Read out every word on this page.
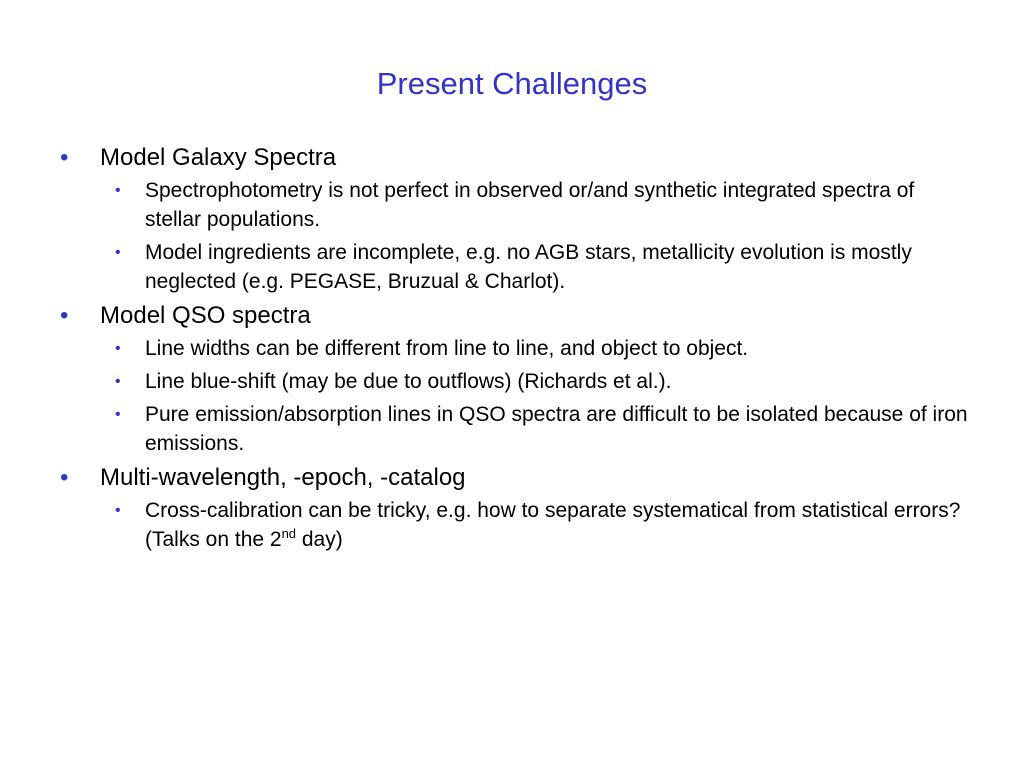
Present Challenges
• Model Galaxy Spectra
• Spectrophotometry is not perfect in observed or/and synthetic integrated spectra of stellar populations.
• Model ingredients are incomplete, e.g. no AGB stars, metallicity evolution is mostly neglected (e.g. PEGASE, Bruzual & Charlot).
• Model QSO spectra
• Line widths can be different from line to line, and object to object.
• Line blue-shift (may be due to outflows) (Richards et al.).
• Pure emission/absorption lines in QSO spectra are difficult to be isolated because of iron emissions.
• Multi-wavelength, -epoch, -catalog
• Cross-calibration can be tricky, e.g. how to separate systematical from statistical errors? (Talks on the 2nd day)
